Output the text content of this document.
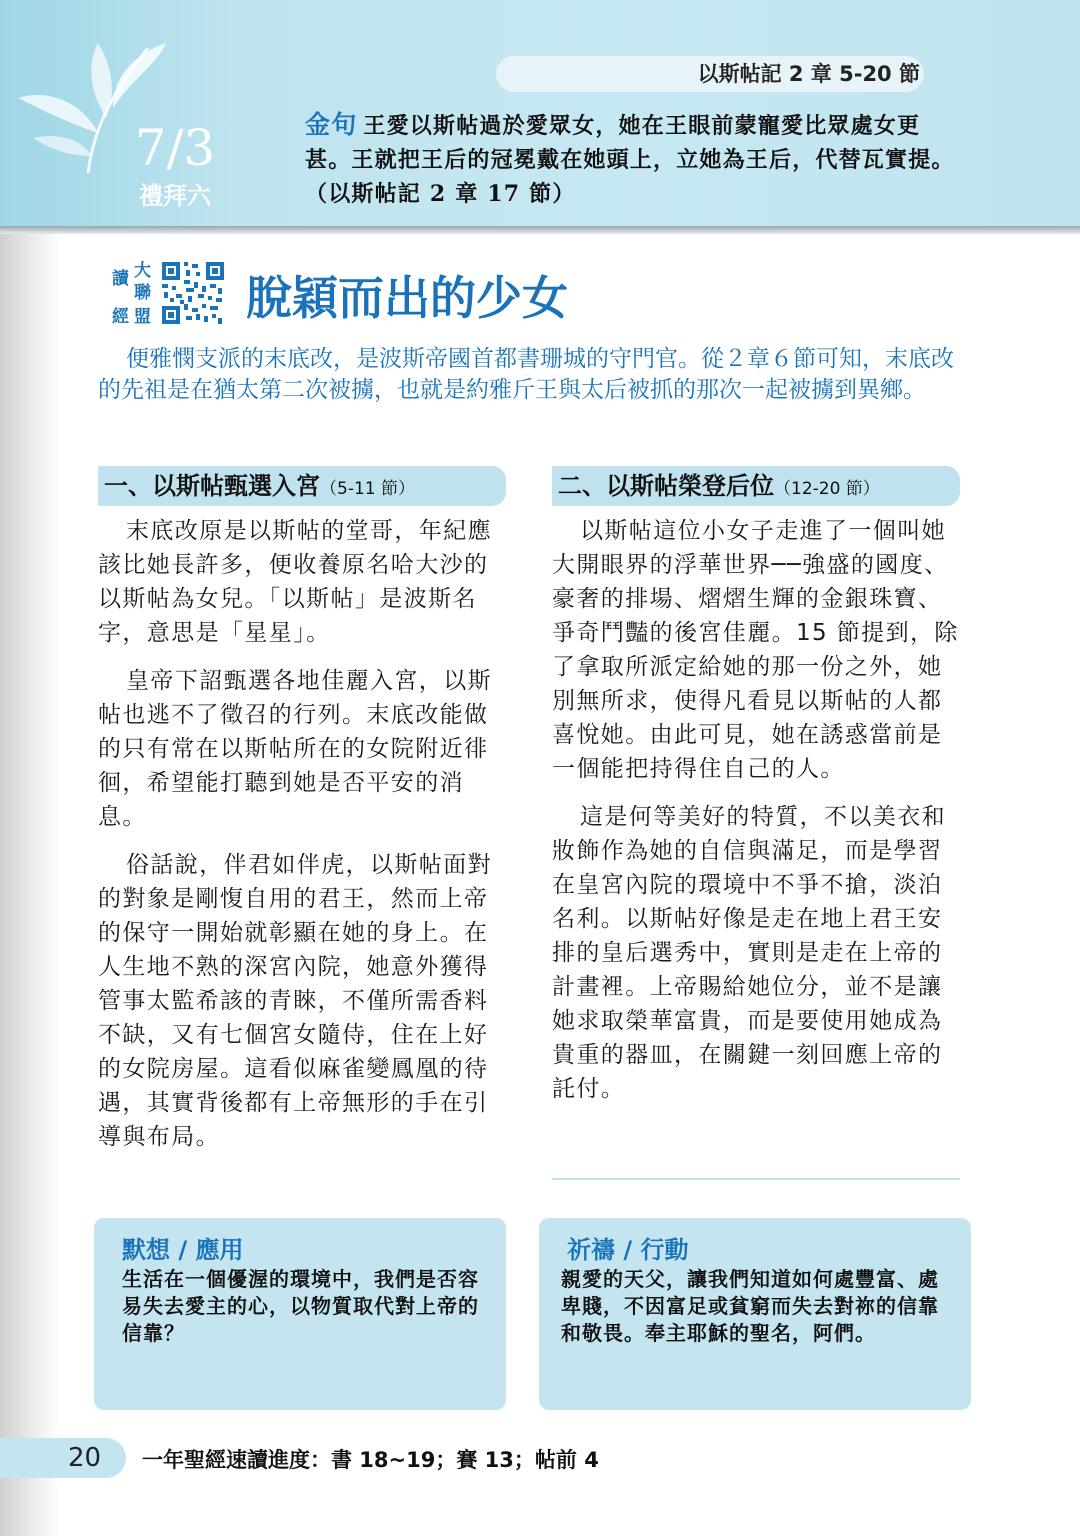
7/3
禮拜六
以斯帖記 2 章 5-20 節
金句 王愛以斯帖過於愛眾女，她在王眼前蒙寵愛比眾處女更甚。王就把王后的冠冕戴在她頭上，立她為王后，代替瓦實提。（以斯帖記 2 章 17 節）
讀 大
聯
經 盟 脫穎而出的少女
便雅憫支派的末底改，是波斯帝國首都書珊城的守門官。從２章６節可知，末底改的先祖是在猶太第二次被擄，也就是約雅斤王與太后被抓的那次一起被擄到異鄉。
一、以斯帖甄選入宮（5-11 節）	二、以斯帖榮登后位（12-20 節）

末底改原是以斯帖的堂哥，年紀應該比她長許多，便收養原名哈大沙的以斯帖為女兒。「以斯帖」是波斯名字，意思是「星星」。

皇帝下詔甄選各地佳麗入宮，以斯帖也逃不了徵召的行列。末底改能做的只有常在以斯帖所在的女院附近徘徊，希望能打聽到她是否平安的消息。

俗話說，伴君如伴虎，以斯帖面對的對象是剛愎自用的君王，然而上帝的保守一開始就彰顯在她的身上。在人生地不熟的深宮內院，她意外獲得管事太監希該的青睞，不僅所需香料不缺，又有七個宮女隨侍，住在上好的女院房屋。這看似麻雀變鳳凰的待遇，其實背後都有上帝無形的手在引導與布局。

以斯帖這位小女子走進了一個叫她大開眼界的浮華世界──強盛的國度、豪奢的排場、熠熠生輝的金銀珠寶、爭奇鬥豔的後宮佳麗。15 節提到，除了拿取所派定給她的那一份之外，她別無所求，使得凡看見以斯帖的人都喜悅她。由此可見，她在誘惑當前是一個能把持得住自己的人。

這是何等美好的特質，不以美衣和妝飾作為她的自信與滿足，而是學習在皇宮內院的環境中不爭不搶，淡泊名利。以斯帖好像是走在地上君王安排的皇后選秀中，實則是走在上帝的計畫裡。上帝賜給她位分，並不是讓她求取榮華富貴，而是要使用她成為貴重的器皿，在關鍵一刻回應上帝的託付。

默想 / 應用
生活在一個優渥的環境中，我們是否容易失去愛主的心，以物質取代對上帝的信靠？
祈禱 / 行動
親愛的天父，讓我們知道如何處豐富、處卑賤，不因富足或貧窮而失去對祢的信靠和敬畏。奉主耶穌的聖名，阿們。
20 一年聖經速讀進度：書 18~19；賽 13；帖前 4
